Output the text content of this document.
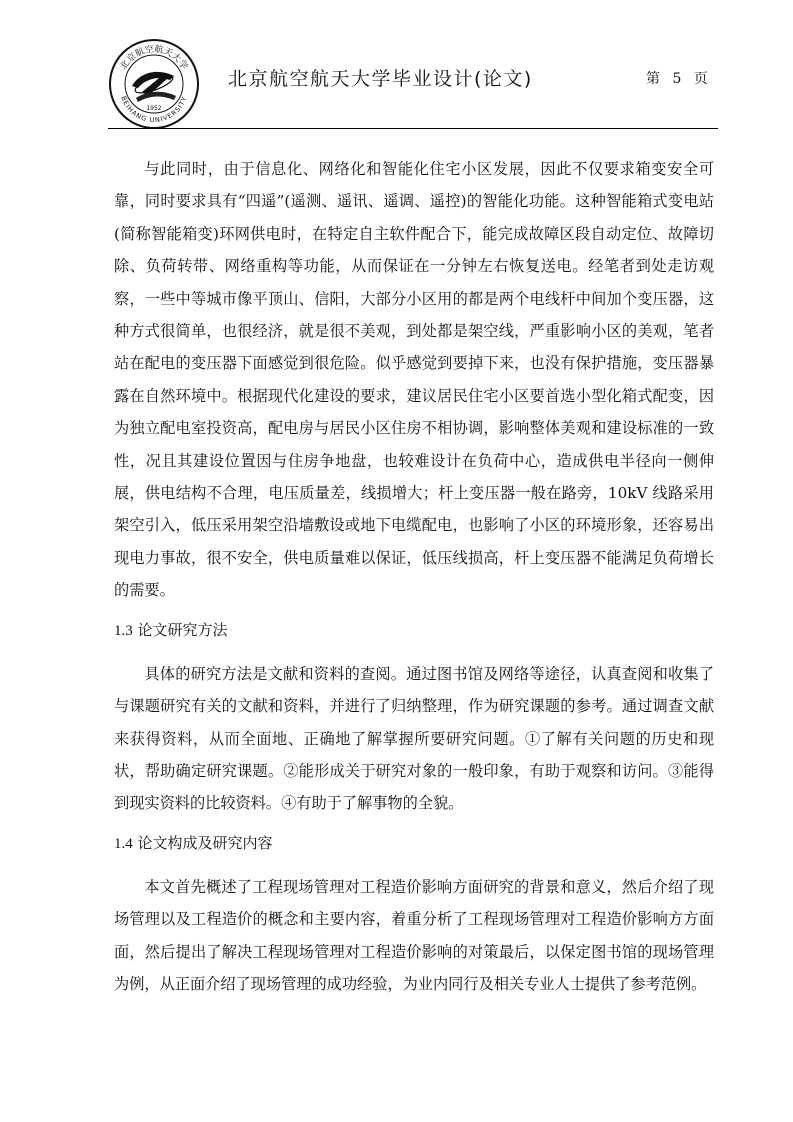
北京航空航天大学
BEIHANG UNIVERSITY
1952
北京航空航天大学毕业设计(论文)	第 5 页

与此同时，由于信息化、网络化和智能化住宅小区发展，因此不仅要求箱变安全可靠，同时要求具有“四遥”(遥测、遥讯、遥调、遥控)的智能化功能。这种智能箱式变电站(简称智能箱变)环网供电时，在特定自主软件配合下，能完成故障区段自动定位、故障切除、负荷转带、网络重构等功能，从而保证在一分钟左右恢复送电。经笔者到处走访观察，一些中等城市像平顶山、信阳，大部分小区用的都是两个电线杆中间加个变压器，这种方式很简单，也很经济，就是很不美观，到处都是架空线，严重影响小区的美观，笔者站在配电的变压器下面感觉到很危险。似乎感觉到要掉下来，也没有保护措施，变压器暴露在自然环境中。根据现代化建设的要求，建议居民住宅小区要首选小型化箱式配变，因为独立配电室投资高，配电房与居民小区住房不相协调，影响整体美观和建设标准的一致性，况且其建设位置因与住房争地盘，也较难设计在负荷中心，造成供电半径向一侧伸展，供电结构不合理，电压质量差，线损增大；杆上变压器一般在路旁，10kV 线路采用架空引入，低压采用架空沿墙敷设或地下电缆配电，也影响了小区的环境形象，还容易出现电力事故，很不安全，供电质量难以保证，低压线损高，杆上变压器不能满足负荷增长的需要。

1.3 论文研究方法

具体的研究方法是文献和资料的查阅。通过图书馆及网络等途径，认真查阅和收集了与课题研究有关的文献和资料，并进行了归纳整理，作为研究课题的参考。通过调查文献来获得资料，从而全面地、正确地了解掌握所要研究问题。①了解有关问题的历史和现状，帮助确定研究课题。②能形成关于研究对象的一般印象，有助于观察和访问。③能得到现实资料的比较资料。④有助于了解事物的全貌。

1.4 论文构成及研究内容

本文首先概述了工程现场管理对工程造价影响方面研究的背景和意义，然后介绍了现场管理以及工程造价的概念和主要内容，着重分析了工程现场管理对工程造价影响方方面面，然后提出了解决工程现场管理对工程造价影响的对策最后，以保定图书馆的现场管理为例，从正面介绍了现场管理的成功经验，为业内同行及相关专业人士提供了参考范例。
